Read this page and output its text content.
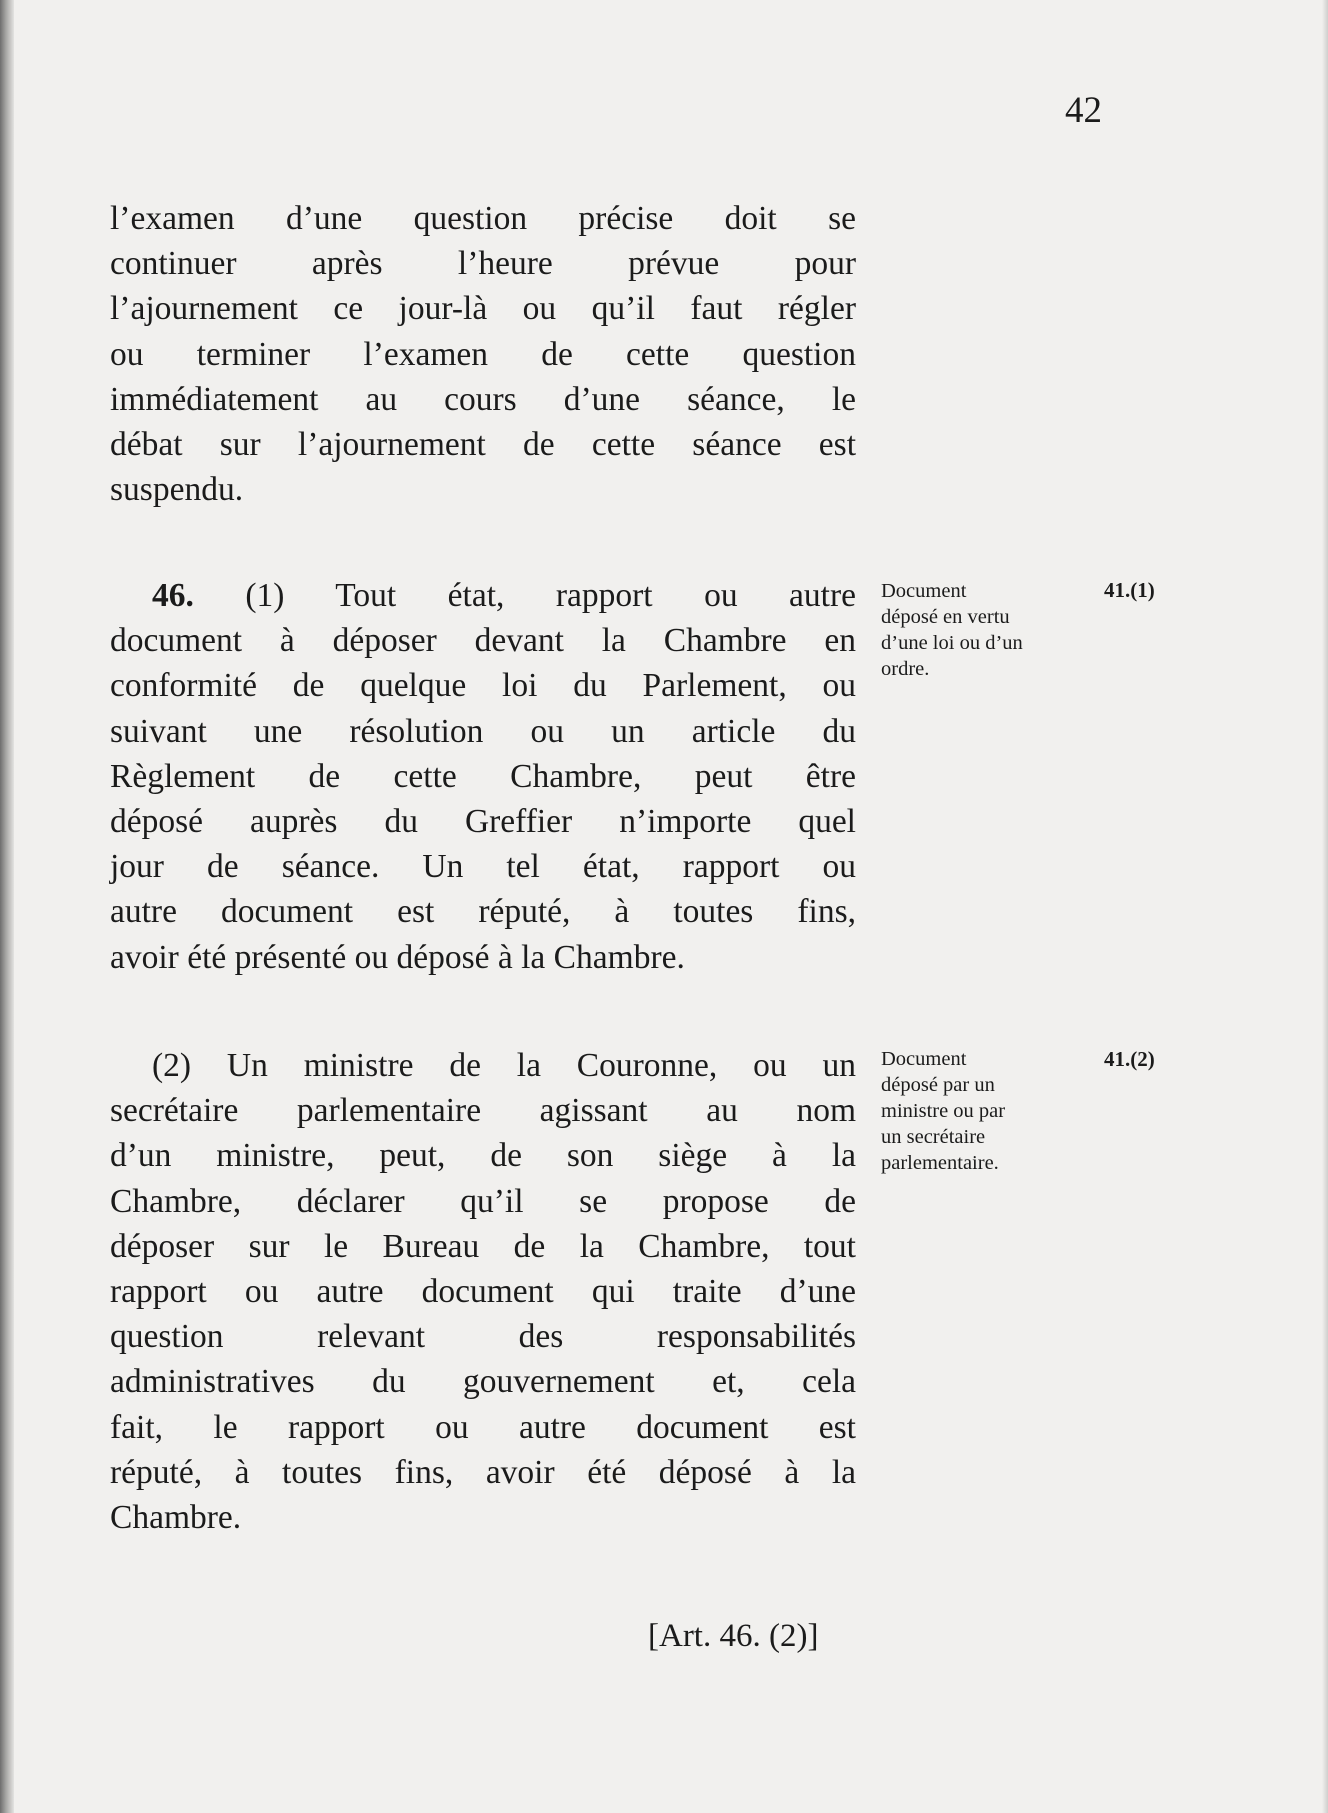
42

l’examen d’une question précise doit se
continuer après l’heure prévue pour
l’ajournement ce jour-là ou qu’il faut régler
ou terminer l’examen de cette question
immédiatement au cours d’une séance, le
débat sur l’ajournement de cette séance est
suspendu.

46. (1) Tout état, rapport ou autre
document à déposer devant la Chambre en
conformité de quelque loi du Parlement, ou
suivant une résolution ou un article du
Règlement de cette Chambre, peut être
déposé auprès du Greffier n’importe quel
jour de séance. Un tel état, rapport ou
autre document est réputé, à toutes fins,
avoir été présenté ou déposé à la Chambre.

Document
déposé en vertu
d’une loi ou d’un
ordre.
41.(1)

(2) Un ministre de la Couronne, ou un
secrétaire parlementaire agissant au nom
d’un ministre, peut, de son siège à la
Chambre, déclarer qu’il se propose de
déposer sur le Bureau de la Chambre, tout
rapport ou autre document qui traite d’une
question relevant des responsabilités
administratives du gouvernement et, cela
fait, le rapport ou autre document est
réputé, à toutes fins, avoir été déposé à la
Chambre.

Document
déposé par un
ministre ou par
un secrétaire
parlementaire.
41.(2)
[Art. 46. (2)]
